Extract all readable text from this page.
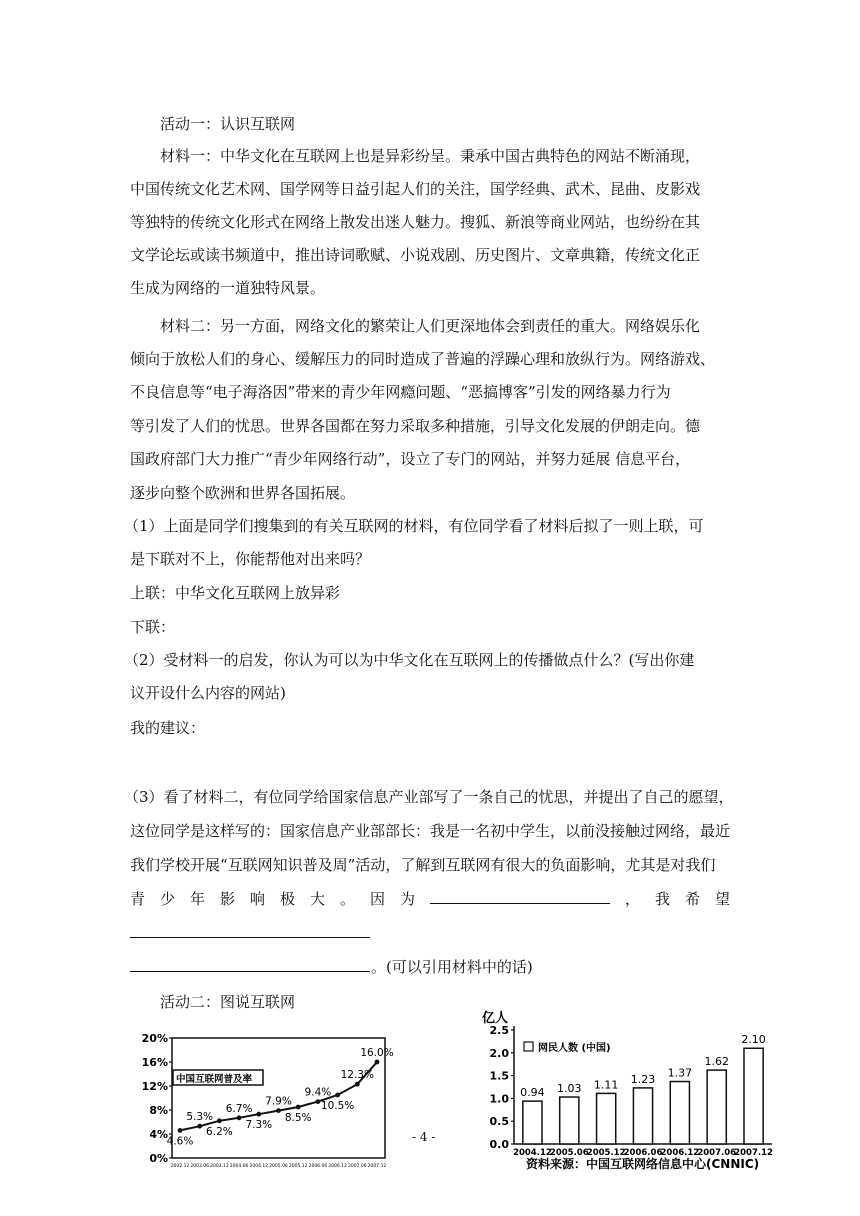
活动一：认识互联网
材料一：中华文化在互联网上也是异彩纷呈。秉承中国古典特色的网站不断涌现，
中国传统文化艺术网、国学网等日益引起人们的关注，国学经典、武术、昆曲、皮影戏
等独特的传统文化形式在网络上散发出迷人魅力。搜狐、新浪等商业网站，也纷纷在其
文学论坛或读书频道中，推出诗词歌赋、小说戏剧、历史图片、文章典籍，传统文化正
生成为网络的一道独特风景。
材料二：另一方面，网络文化的繁荣让人们更深地体会到责任的重大。网络娱乐化
倾向于放松人们的身心、缓解压力的同时造成了普遍的浮躁心理和放纵行为。网络游戏、
不良信息等“电子海洛因”带来的青少年网瘾问题、“恶搞博客”引发的网络暴力行为
等引发了人们的忧思。世界各国都在努力采取多种措施，引导文化发展的伊朗走向。德
国政府部门大力推广“青少年网络行动”，设立了专门的网站，并努力延展 信息平台，
逐步向整个欧洲和世界各国拓展。
（1）上面是同学们搜集到的有关互联网的材料，有位同学看了材料后拟了一则上联，可
是下联对不上，你能帮他对出来吗？
上联：中华文化互联网上放异彩
下联：
（2）受材料一的启发，你认为可以为中华文化在互联网上的传播做点什么？(写出你建
议开设什么内容的网站)
我的建议：
（3）看了材料二，有位同学给国家信息产业部写了一条自己的忧思，并提出了自己的愿望，
这位同学是这样写的：国家信息产业部部长：我是一名初中学生，以前没接触过网络，最近
我们学校开展“互联网知识普及周”活动，了解到互联网有很大的负面影响，尤其是对我们
青 少 年 影 响 极 大 。 因 为	， 我 希 望
。(可以引用材料中的话)
活动二：图说互联网
0%
4%
8%
12%
16%
20%
4.6%
5.3%
6.2%
6.7%
7.3%
7.9%
8.5%
9.4%
10.5%
12.3%
16.0%
2002.12 2003.06 2003.12 2004.06 2004.12 2005.06 2005.12 2006.06 2006.12 2007.06 2007.12
中国互联网普及率
- 4 -
亿人
0.0
0.5
1.0
1.5
2.0
2.5
0.94 1.03 1.11 1.23 1.37
1.62
2.10
2004.12
2005.06
2005.12
2006.06
2006.12
2007.06
2007.12
网民人数 (中国)
资料来源：中国互联网络信息中心(CNNIC)
